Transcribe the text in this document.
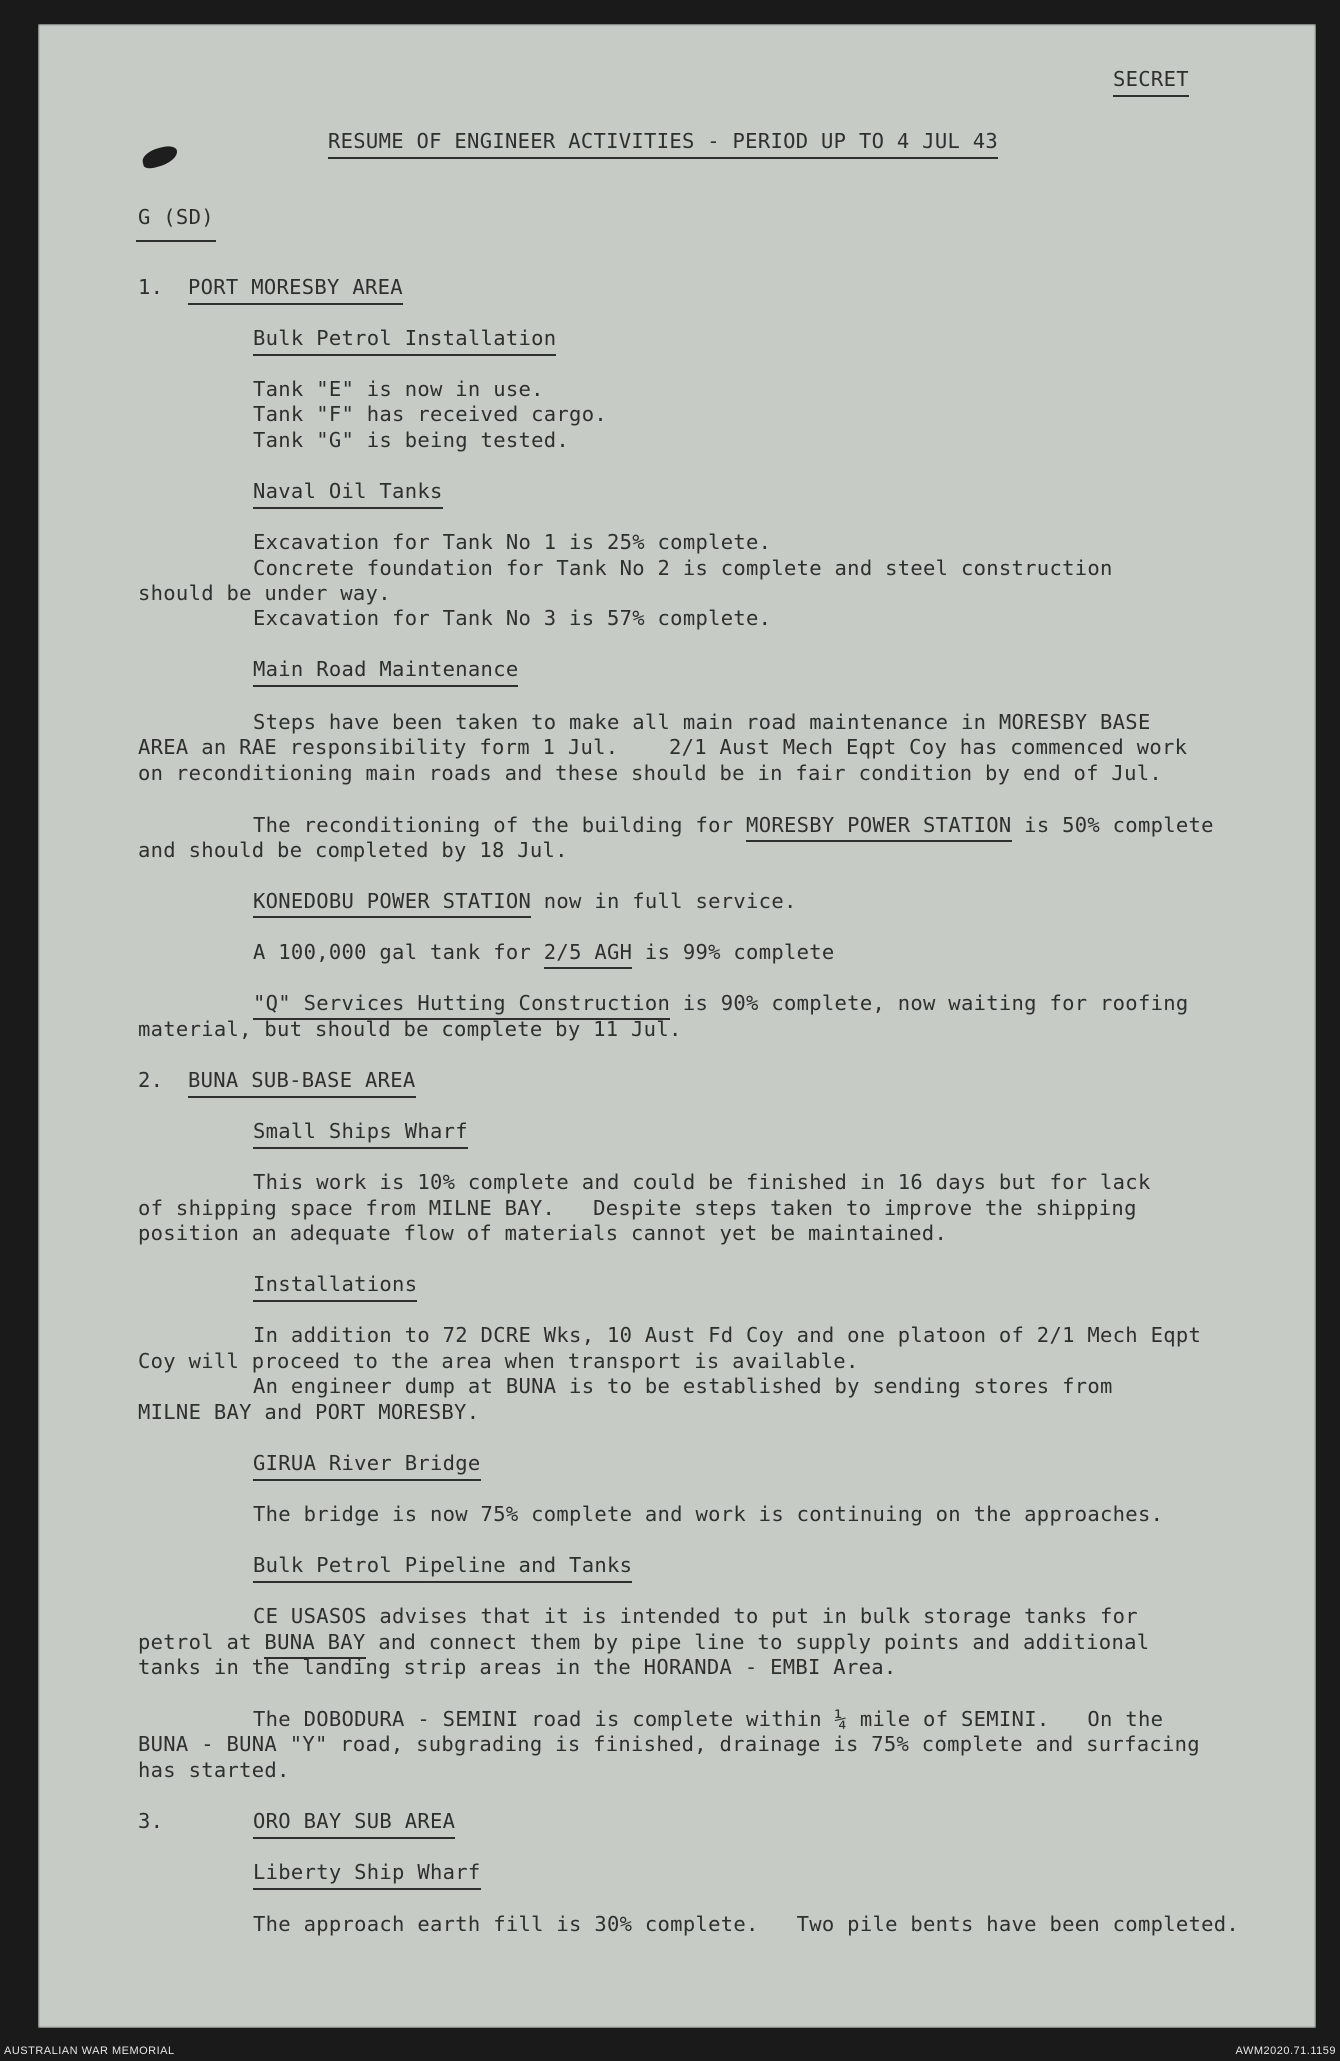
SECRET

RESUME OF ENGINEER ACTIVITIES - PERIOD UP TO 4 JUL 43

G (SD)

1. PORT MORESBY AREA

Bulk Petrol Installation

Tank "E" is now in use.

Tank "F" has received cargo.

Tank "G" is being tested.

Naval Oil Tanks

Excavation for Tank No 1 is 25% complete.

Concrete foundation for Tank No 2 is complete and steel construction

should be under way.

Excavation for Tank No 3 is 57% complete.

Main Road Maintenance

Steps have been taken to make all main road maintenance in MORESBY BASE

AREA an RAE responsibility form 1 Jul.    2/1 Aust Mech Eqpt Coy has commenced work

on reconditioning main roads and these should be in fair condition by end of Jul.

The reconditioning of the building for MORESBY POWER STATION is 50% complete

and should be completed by 18 Jul.

KONEDOBU POWER STATION now in full service.

A 100,000 gal tank for 2/5 AGH is 99% complete

"Q" Services Hutting Construction is 90% complete, now waiting for roofing

material, but should be complete by 11 Jul.

2. BUNA SUB-BASE AREA

Small Ships Wharf

This work is 10% complete and could be finished in 16 days but for lack

of shipping space from MILNE BAY.   Despite steps taken to improve the shipping

position an adequate flow of materials cannot yet be maintained.

Installations

In addition to 72 DCRE Wks, 10 Aust Fd Coy and one platoon of 2/1 Mech Eqpt

Coy will proceed to the area when transport is available.

An engineer dump at BUNA is to be established by sending stores from

MILNE BAY and PORT MORESBY.

GIRUA River Bridge

The bridge is now 75% complete and work is continuing on the approaches.

Bulk Petrol Pipeline and Tanks

CE USASOS advises that it is intended to put in bulk storage tanks for

petrol at BUNA BAY and connect them by pipe line to supply points and additional

tanks in the landing strip areas in the HORANDA - EMBI Area.

The DOBODURA - SEMINI road is complete within ¼ mile of SEMINI.   On the

BUNA - BUNA "Y" road, subgrading is finished, drainage is 75% complete and surfacing

has started.

3.	ORO BAY SUB AREA

Liberty Ship Wharf

The approach earth fill is 30% complete.   Two pile bents have been completed.

AUSTRALIAN WAR MEMORIAL	AWM2020.71.1159
